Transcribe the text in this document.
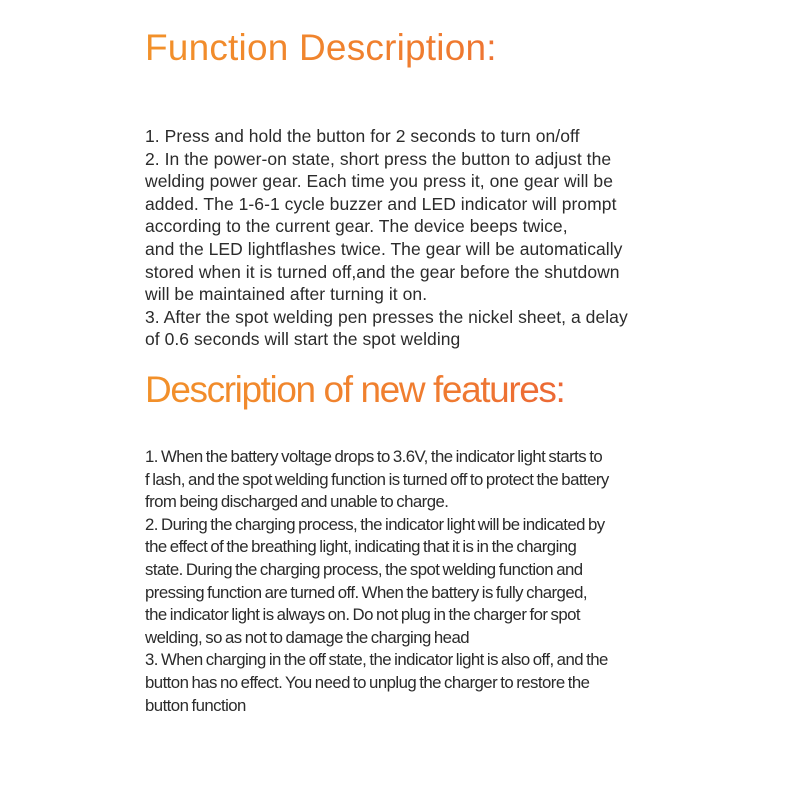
Function Description:
1. Press and hold the button for 2 seconds to turn on/off
2. In the power-on state, short press the button to adjust the
welding power gear. Each time you press it, one gear will be
added. The 1-6-1 cycle buzzer and LED indicator will prompt
according to the current gear. The device beeps twice,
and the LED lightflashes twice. The gear will be automatically
stored when it is turned off,and the gear before the shutdown
will be maintained after turning it on.
3. After the spot welding pen presses the nickel sheet, a delay
of 0.6 seconds will start the spot welding
Description of new features:
1. When the battery voltage drops to 3.6V, the indicator light starts to
f lash, and the spot welding function is turned off to protect the battery
from being discharged and unable to charge.
2. During the charging process, the indicator light will be indicated by
the effect of the breathing light, indicating that it is in the charging
state. During the charging process, the spot welding function and
pressing function are turned off. When the battery is fully charged,
the indicator light is always on. Do not plug in the charger for spot
welding, so as not to damage the charging head
3. When charging in the off state, the indicator light is also off, and the
button has no effect. You need to unplug the charger to restore the
button function
